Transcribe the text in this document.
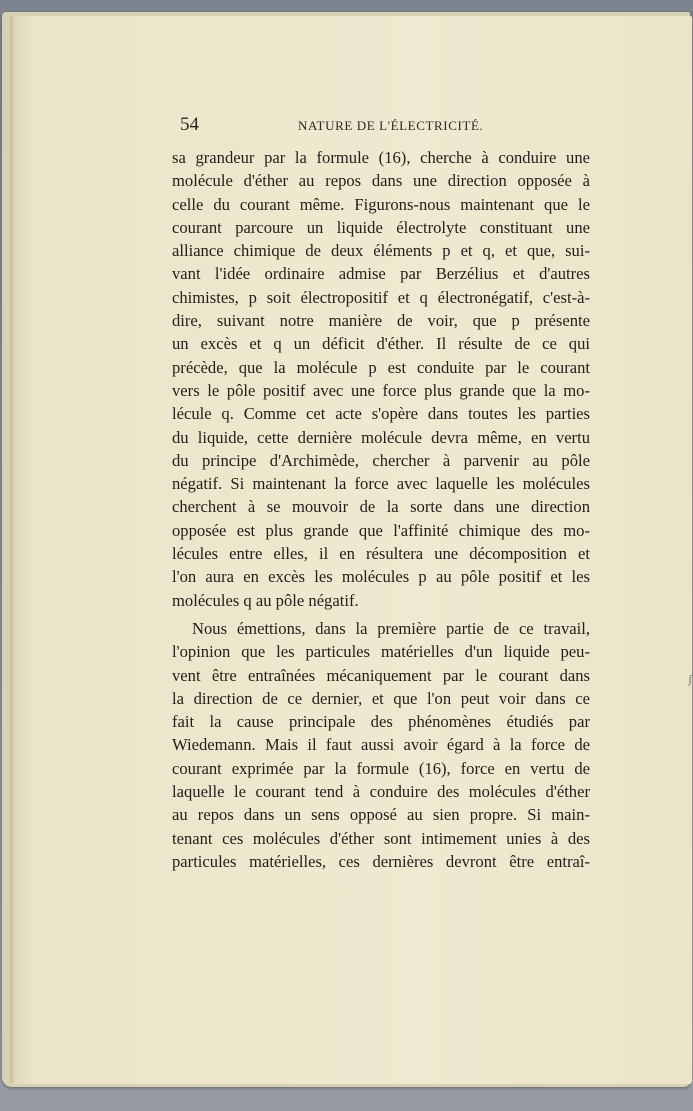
54	NATURE DE L'ÉLECTRICITÉ.
sa grandeur par la formule (16), cherche à conduire une
molécule d'éther au repos dans une direction opposée à
celle du courant même. Figurons-nous maintenant que le
courant parcoure un liquide électrolyte constituant une
alliance chimique de deux éléments p et q, et que, sui-
vant l'idée ordinaire admise par Berzélius et d'autres
chimistes, p soit électropositif et q électronégatif, c'est-à-
dire, suivant notre manière de voir, que p présente
un excès et q un déficit d'éther. Il résulte de ce qui
précède, que la molécule p est conduite par le courant
vers le pôle positif avec une force plus grande que la mo-
lécule q. Comme cet acte s'opère dans toutes les parties
du liquide, cette dernière molécule devra même, en vertu
du principe d'Archimède, chercher à parvenir au pôle
négatif. Si maintenant la force avec laquelle les molécules
cherchent à se mouvoir de la sorte dans une direction
opposée est plus grande que l'affinité chimique des mo-
lécules entre elles, il en résultera une décomposition et
l'on aura en excès les molécules p au pôle positif et les
molécules q au pôle négatif.
Nous émettions, dans la première partie de ce travail,
l'opinion que les particules matérielles d'un liquide peu-
vent être entraînées mécaniquement par le courant dans
la direction de ce dernier, et que l'on peut voir dans ce
fait la cause principale des phénomènes étudiés par
Wiedemann. Mais il faut aussi avoir égard à la force de
courant exprimée par la formule (16), force en vertu de
laquelle le courant tend à conduire des molécules d'éther
au repos dans un sens opposé au sien propre. Si main-
tenant ces molécules d'éther sont intimement unies à des
particules matérielles, ces dernières devront être entraî-
ʃ
